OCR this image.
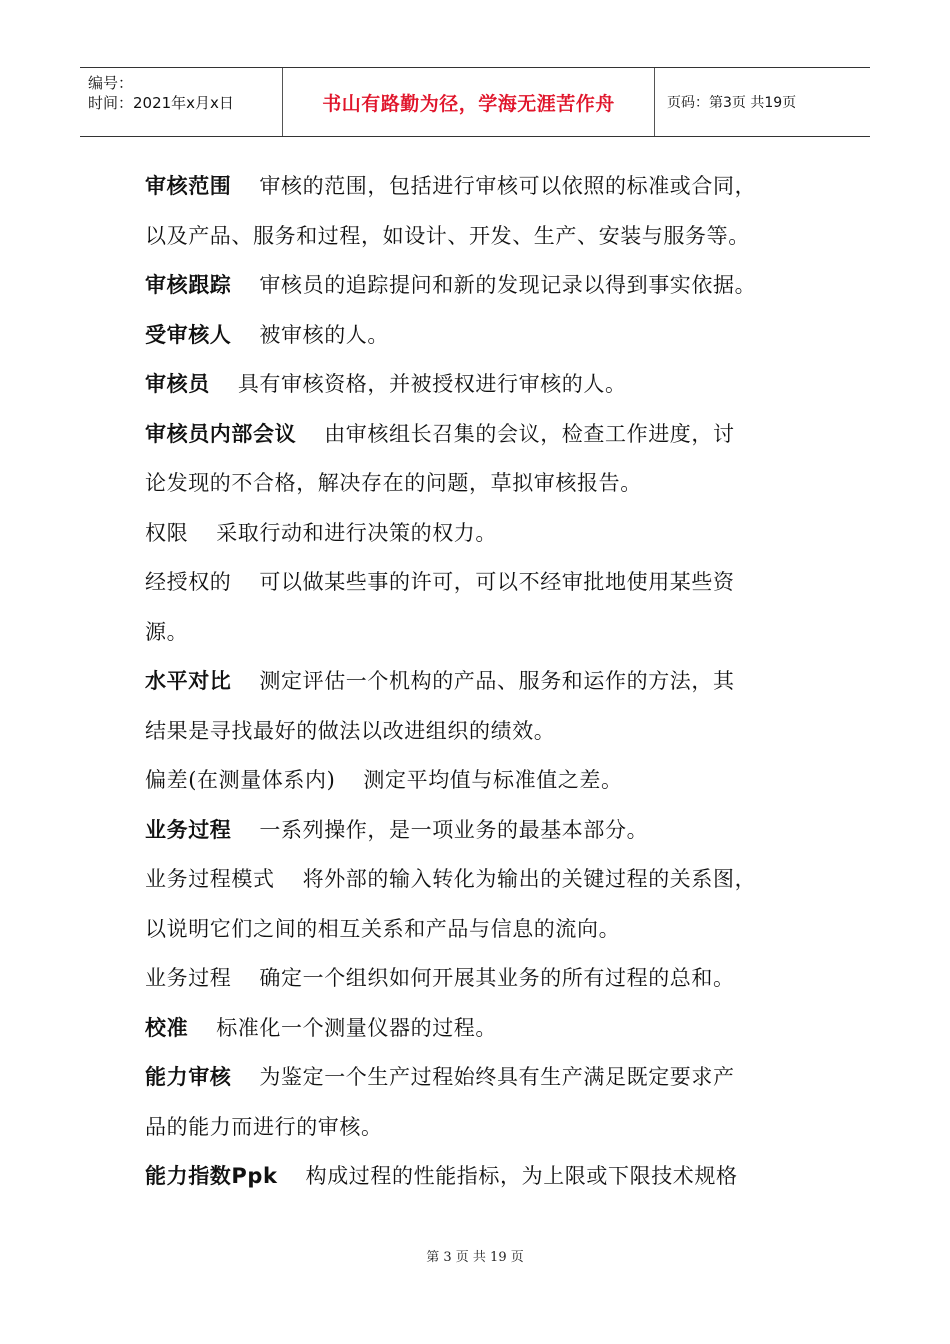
编号：
时间：2021年x月x日	书山有路勤为径，学海无涯苦作舟	页码：第3页 共19页
审核范围 审核的范围，包括进行审核可以依照的标准或合同，
以及产品、服务和过程，如设计、开发、生产、安装与服务等。
审核跟踪 审核员的追踪提问和新的发现记录以得到事实依据。
受审核人 被审核的人。
审核员 具有审核资格，并被授权进行审核的人。
审核员内部会议 由审核组长召集的会议，检查工作进度，讨
论发现的不合格，解决存在的问题，草拟审核报告。
权限 采取行动和进行决策的权力。
经授权的 可以做某些事的许可，可以不经审批地使用某些资
源。
水平对比 测定评估一个机构的产品、服务和运作的方法，其
结果是寻找最好的做法以改进组织的绩效。
偏差(在测量体系内) 测定平均值与标准值之差。
业务过程 一系列操作，是一项业务的最基本部分。
业务过程模式 将外部的输入转化为输出的关键过程的关系图，
以说明它们之间的相互关系和产品与信息的流向。
业务过程 确定一个组织如何开展其业务的所有过程的总和。
校准 标准化一个测量仪器的过程。
能力审核 为鉴定一个生产过程始终具有生产满足既定要求产
品的能力而进行的审核。
能力指数Ppk 构成过程的性能指标，为上限或下限技术规格
第 3 页 共 19 页
